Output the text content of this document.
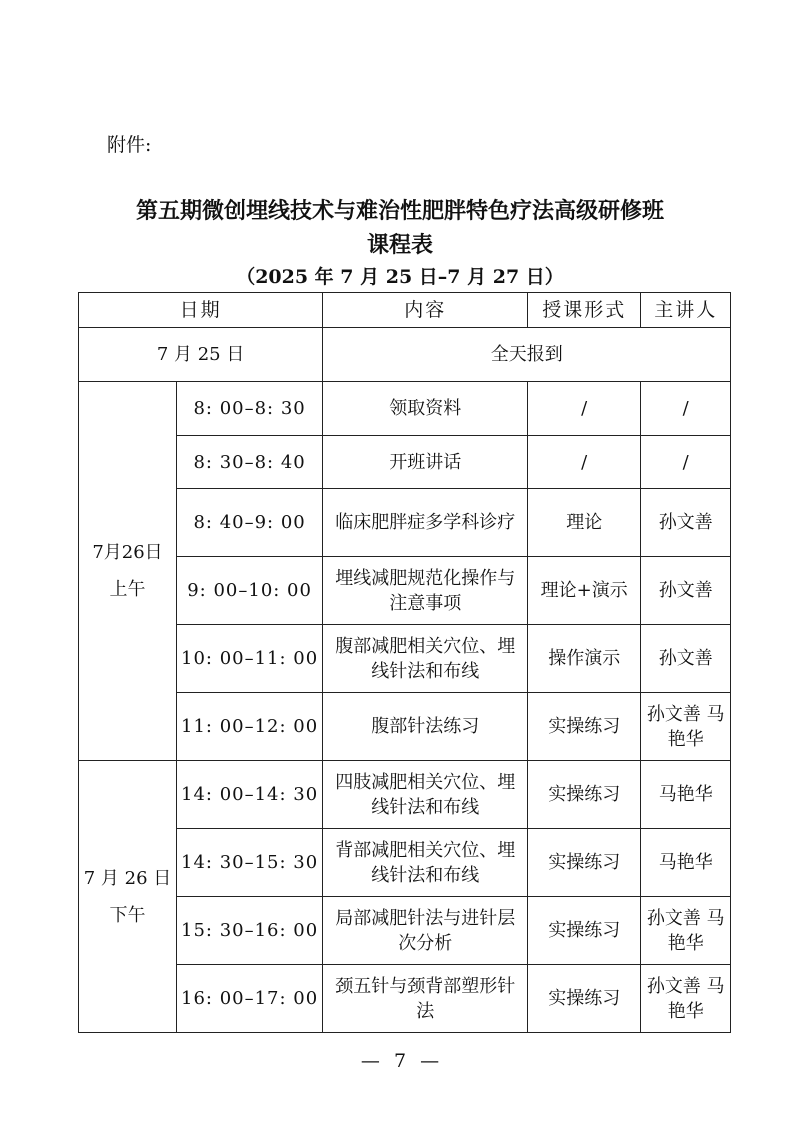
附件:
第五期微创埋线技术与难治性肥胖特色疗法高级研修班
课程表
（2025 年 7 月 25 日–7 月 27 日）
日期		内容	授课形式	主讲人
7 月 25 日		全天报到		

7月26日
上午	8: 00–8: 30	领取资料	/	/
	8: 30–8: 40	开班讲话	/	/
	8: 40–9: 00	临床肥胖症多学科诊疗	理论	孙文善
	9: 00–10: 00	埋线减肥规范化操作与注意事项	理论+演示	孙文善
	10: 00–11: 00	腹部减肥相关穴位、埋线针法和布线	操作演示	孙文善
	11: 00–12: 00	腹部针法练习	实操练习	孙文善 马艳华

7 月 26 日
下午	14: 00–14: 30	四肢减肥相关穴位、埋线针法和布线	实操练习	马艳华
	14: 30–15: 30	背部减肥相关穴位、埋线针法和布线	实操练习	马艳华
	15: 30–16: 00	局部减肥针法与进针层次分析	实操练习	孙文善 马艳华
	16: 00–17: 00	颈五针与颈背部塑形针法	实操练习	孙文善 马艳华
— 7 —
